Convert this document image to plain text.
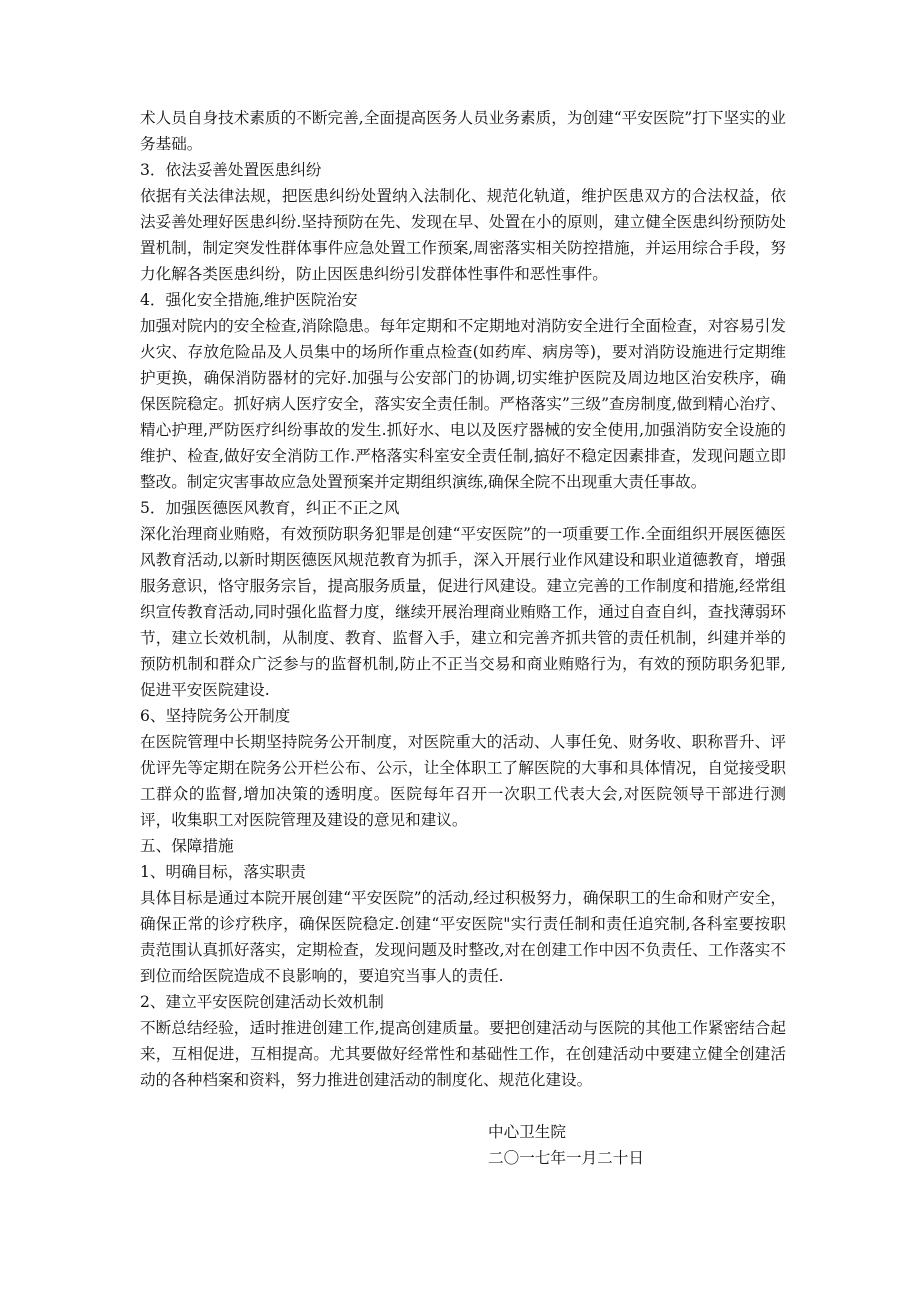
术人员自身技术素质的不断完善,全面提高医务人员业务素质，为创建“平安医院”打下坚实的业务基础。

3．依法妥善处置医患纠纷

依据有关法律法规，把医患纠纷处置纳入法制化、规范化轨道，维护医患双方的合法权益，依法妥善处理好医患纠纷.坚持预防在先、发现在早、处置在小的原则，建立健全医患纠纷预防处置机制，制定突发性群体事件应急处置工作预案,周密落实相关防控措施，并运用综合手段，努力化解各类医患纠纷，防止因医患纠纷引发群体性事件和恶性事件。

4．强化安全措施,维护医院治安

加强对院内的安全检查,消除隐患。每年定期和不定期地对消防安全进行全面检查，对容易引发火灾、存放危险品及人员集中的场所作重点检查(如药库、病房等)，要对消防设施进行定期维护更换，确保消防器材的完好.加强与公安部门的协调,切实维护医院及周边地区治安秩序，确保医院稳定。抓好病人医疗安全，落实安全责任制。严格落实”三级”查房制度,做到精心治疗、精心护理,严防医疗纠纷事故的发生.抓好水、电以及医疗器械的安全使用,加强消防安全设施的维护、检查,做好安全消防工作.严格落实科室安全责任制,搞好不稳定因素排查，发现问题立即整改。制定灾害事故应急处置预案并定期组织演练,确保全院不出现重大责任事故。

5．加强医德医风教育，纠正不正之风

深化治理商业贿赂，有效预防职务犯罪是创建“平安医院”的一项重要工作.全面组织开展医德医风教育活动,以新时期医德医风规范教育为抓手，深入开展行业作风建设和职业道德教育，增强服务意识，恪守服务宗旨，提高服务质量，促进行风建设。建立完善的工作制度和措施,经常组织宣传教育活动,同时强化监督力度，继续开展治理商业贿赂工作，通过自查自纠，查找薄弱环节，建立长效机制，从制度、教育、监督入手，建立和完善齐抓共管的责任机制，纠建并举的预防机制和群众广泛参与的监督机制,防止不正当交易和商业贿赂行为，有效的预防职务犯罪,促进平安医院建设.

6、坚持院务公开制度

在医院管理中长期坚持院务公开制度，对医院重大的活动、人事任免、财务收、职称晋升、评优评先等定期在院务公开栏公布、公示，让全体职工了解医院的大事和具体情况，自觉接受职工群众的监督,增加决策的透明度。医院每年召开一次职工代表大会,对医院领导干部进行测评，收集职工对医院管理及建设的意见和建议。

五、保障措施

1、明确目标，落实职责

具体目标是通过本院开展创建“平安医院”的活动,经过积极努力，确保职工的生命和财产安全，确保正常的诊疗秩序，确保医院稳定.创建“平安医院"实行责任制和责任追究制,各科室要按职责范围认真抓好落实，定期检查，发现问题及时整改,对在创建工作中因不负责任、工作落实不到位而给医院造成不良影响的，要追究当事人的责任.

2、建立平安医院创建活动长效机制

不断总结经验，适时推进创建工作,提高创建质量。要把创建活动与医院的其他工作紧密结合起来，互相促进，互相提高。尤其要做好经常性和基础性工作，在创建活动中要建立健全创建活动的各种档案和资料，努力推进创建活动的制度化、规范化建设。

中心卫生院
二〇一七年一月二十日
